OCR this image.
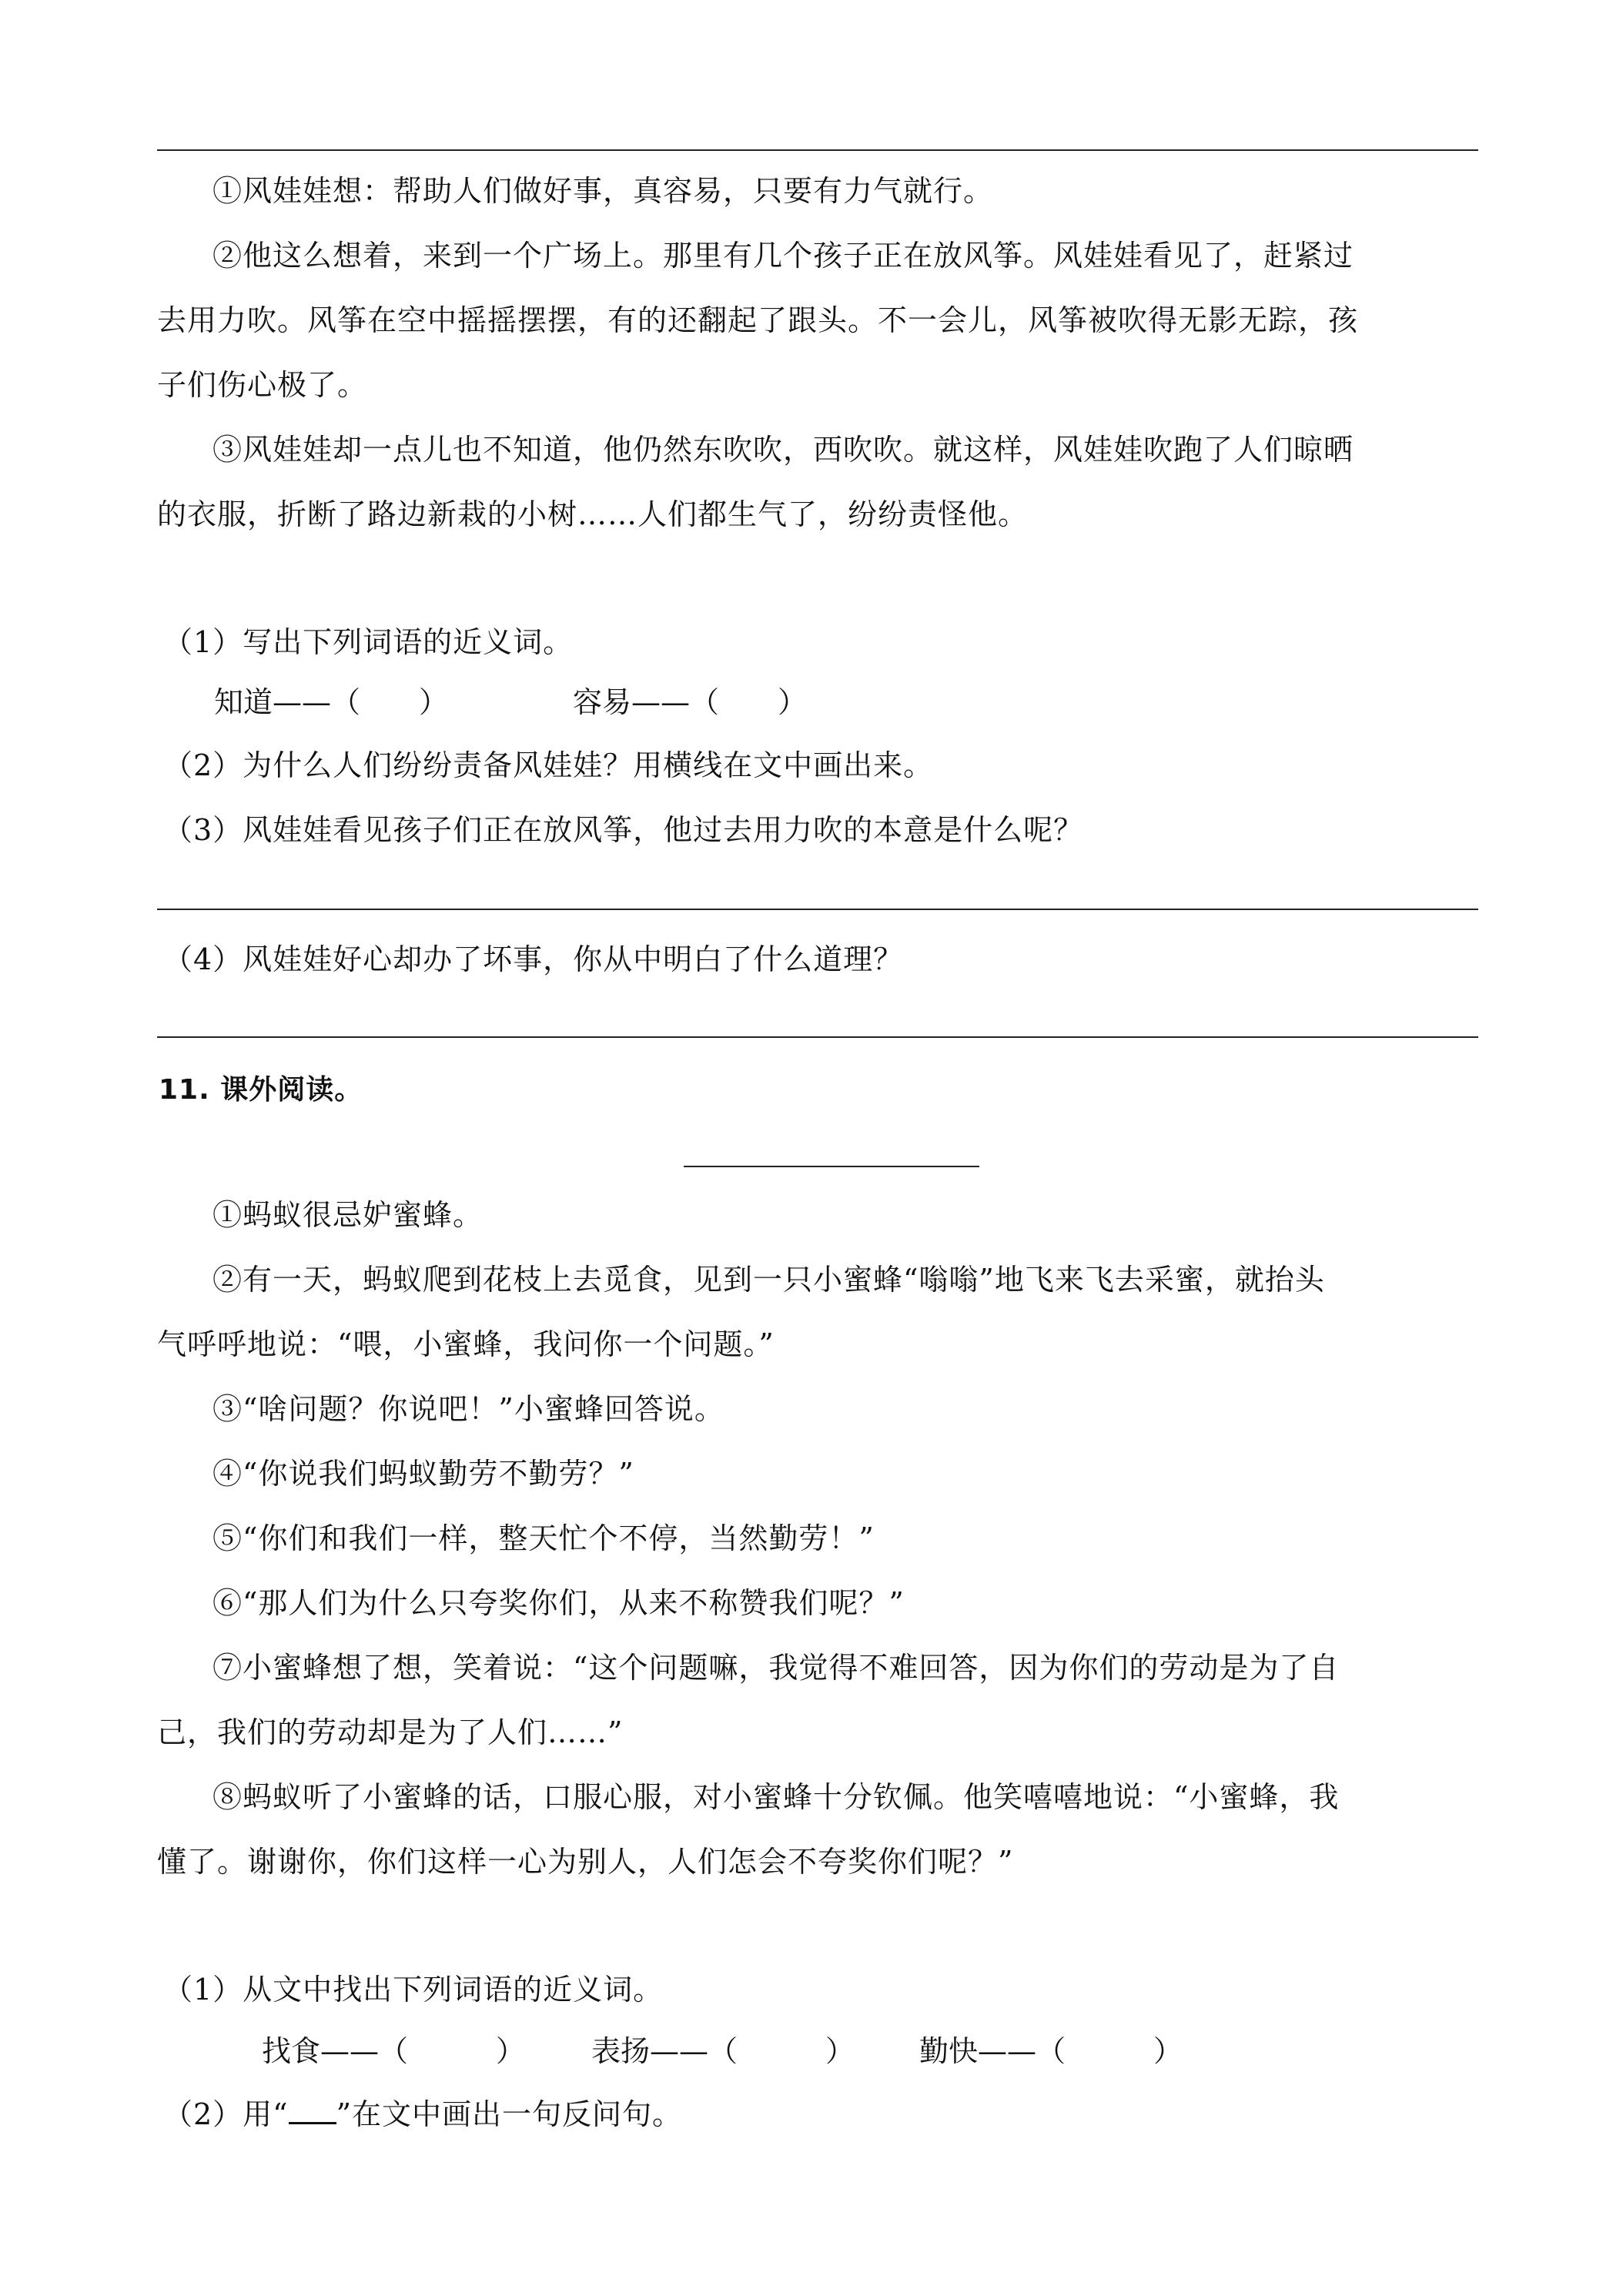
①风娃娃想：帮助人们做好事，真容易，只要有力气就行。
②他这么想着，来到一个广场上。那里有几个孩子正在放风筝。风娃娃看见了，赶紧过
去用力吹。风筝在空中摇摇摆摆，有的还翻起了跟头。不一会儿，风筝被吹得无影无踪，孩
子们伤心极了。
③风娃娃却一点儿也不知道，他仍然东吹吹，西吹吹。就这样，风娃娃吹跑了人们晾晒
的衣服，折断了路边新栽的小树……人们都生气了，纷纷责怪他。
（1）写出下列词语的近义词。
知道——（　　）	容易——（　　）
（2）为什么人们纷纷责备风娃娃？用横线在文中画出来。
（3）风娃娃看见孩子们正在放风筝，他过去用力吹的本意是什么呢？
（4）风娃娃好心却办了坏事，你从中明白了什么道理？
11. 课外阅读。
①蚂蚁很忌妒蜜蜂。
②有一天，蚂蚁爬到花枝上去觅食，见到一只小蜜蜂“嗡嗡”地飞来飞去采蜜，就抬头
气呼呼地说：“喂，小蜜蜂，我问你一个问题。”
③“啥问题？你说吧！”小蜜蜂回答说。
④“你说我们蚂蚁勤劳不勤劳？”
⑤“你们和我们一样，整天忙个不停，当然勤劳！”
⑥“那人们为什么只夸奖你们，从来不称赞我们呢？”
⑦小蜜蜂想了想，笑着说：“这个问题嘛，我觉得不难回答，因为你们的劳动是为了自
己，我们的劳动却是为了人们……”
⑧蚂蚁听了小蜜蜂的话，口服心服，对小蜜蜂十分钦佩。他笑嘻嘻地说：“小蜜蜂，我
懂了。谢谢你，你们这样一心为别人，人们怎会不夸奖你们呢？”
（1）从文中找出下列词语的近义词。
找食——（　　　） 表扬——（　　　） 勤快——（　　　）
（2）用“ ”在文中画出一句反问句。
